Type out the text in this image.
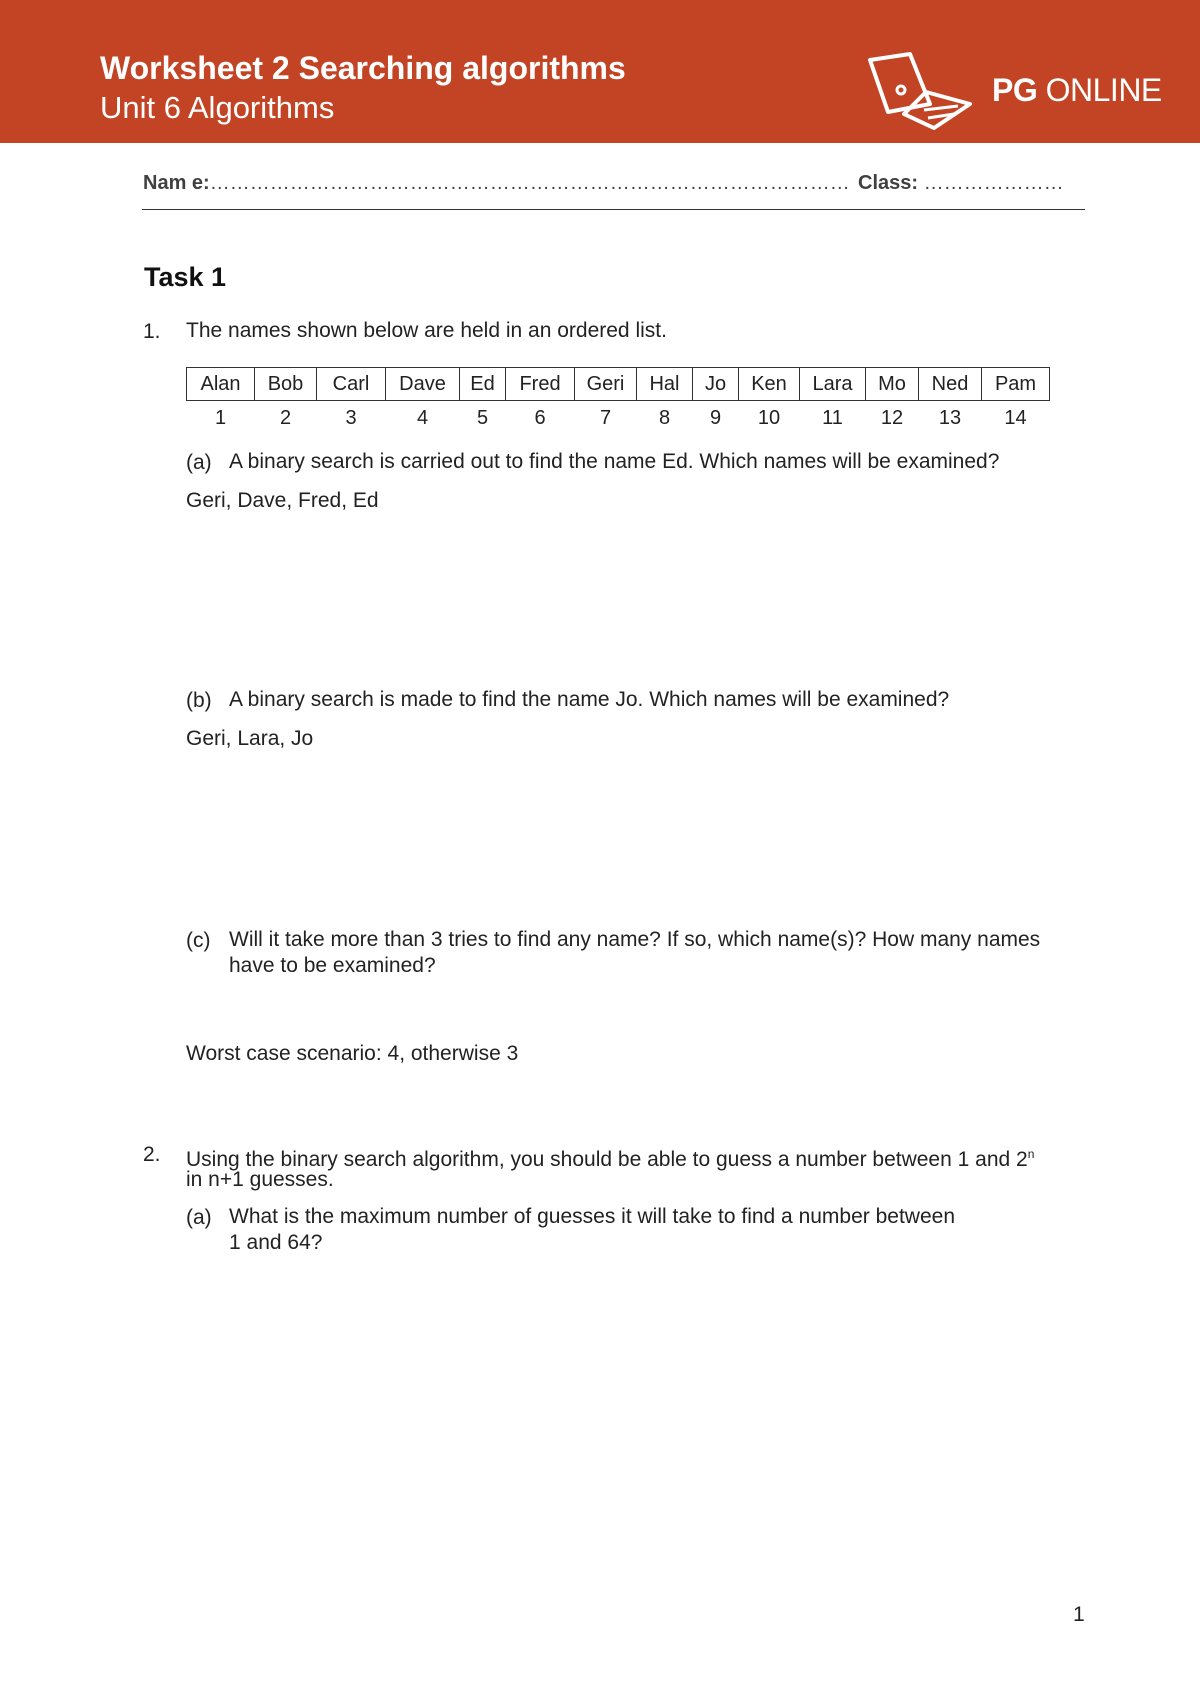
Worksheet 2 Searching algorithms
Unit 6 Algorithms	PG ONLINE
Nam e:…………………………………………………………………………………… Class: …………………
Task 1
1. The names shown below are held in an ordered list.
Alan	Bob	Carl	Dave	Ed	Fred	Geri	Hal	Jo	Ken	Lara	Mo	Ned	Pam
1	2	3	4	5	6	7	8	9	10	11	12	13	14
(a) A binary search is carried out to find the name Ed. Which names will be examined?
Geri, Dave, Fred, Ed
(b) A binary search is made to find the name Jo. Which names will be examined?
Geri, Lara, Jo
(c) Will it take more than 3 tries to find any name? If so, which name(s)? How many names
have to be examined?
Worst case scenario: 4, otherwise 3
2. Using the binary search algorithm, you should be able to guess a number between 1 and 2$^n$
in n+1 guesses.
(a) What is the maximum number of guesses it will take to find a number between
1 and 64?
1
